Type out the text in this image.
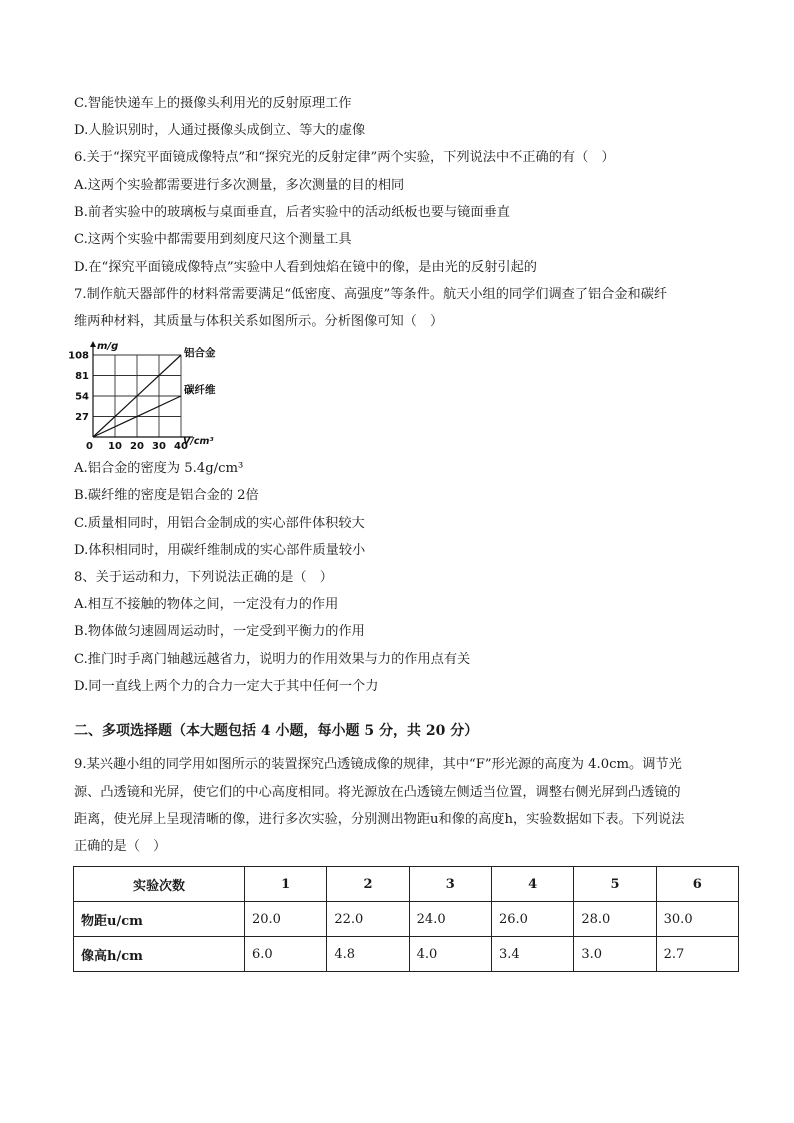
C.智能快递车上的摄像头利用光的反射原理工作
D.人脸识别时，人通过摄像头成倒立、等大的虚像
6.关于“探究平面镜成像特点”和“探究光的反射定律”两个实验，下列说法中不正确的有（　）
A.这两个实验都需要进行多次测量，多次测量的目的相同
B.前者实验中的玻璃板与桌面垂直，后者实验中的活动纸板也要与镜面垂直
C.这两个实验中都需要用到刻度尺这个测量工具
D.在“探究平面镜成像特点”实验中人看到烛焰在镜中的像，是由光的反射引起的
7.制作航天器部件的材料常需要满足“低密度、高强度”等条件。航天小组的同学们调查了铝合金和碳纤
维两种材料，其质量与体积关系如图所示。分析图像可知（　）
铝合金
碳纤维
27
54
81
108
0 10 20 30 40
m/g
V/cm³
A.铝合金的密度为 5.4g/cm³
B.碳纤维的密度是铝合金的 2倍
C.质量相同时，用铝合金制成的实心部件体积较大
D.体积相同时，用碳纤维制成的实心部件质量较小
8、关于运动和力，下列说法正确的是（　）
A.相互不接触的物体之间，一定没有力的作用
B.物体做匀速圆周运动时，一定受到平衡力的作用
C.推门时手离门轴越远越省力，说明力的作用效果与力的作用点有关
D.同一直线上两个力的合力一定大于其中任何一个力
二、多项选择题（本大题包括 4 小题，每小题 5 分，共 20 分）
9.某兴趣小组的同学用如图所示的装置探究凸透镜成像的规律，其中“F”形光源的高度为 4.0cm。调节光
源、凸透镜和光屏，使它们的中心高度相同。将光源放在凸透镜左侧适当位置，调整右侧光屏到凸透镜的
距离，使光屏上呈现清晰的像，进行多次实验，分别测出物距u和像的高度h，实验数据如下表。下列说法
正确的是（　）
实验次数	1	2	3	4	5	6
物距u/cm	20.0	22.0	24.0	26.0	28.0	30.0
像高h/cm	6.0	4.8	4.0	3.4	3.0	2.7
